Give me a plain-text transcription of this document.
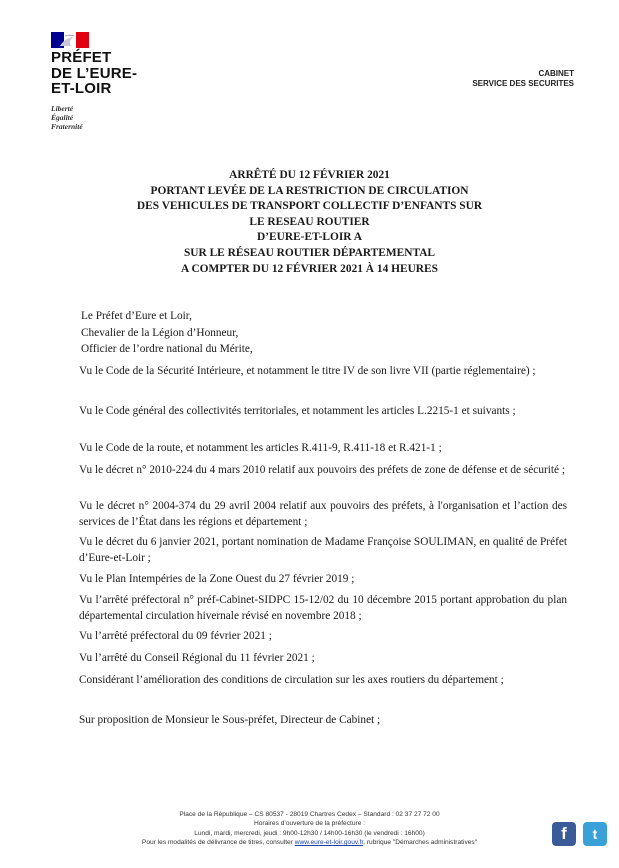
PRÉFET
DE L’EURE-
ET-LOIR
Liberté
Égalité
Fraternité
CABINET
SERVICE DES SECURITES
ARRÊTÉ DU 12 FÉVRIER 2021
PORTANT LEVÉE DE LA RESTRICTION DE CIRCULATION
DES VEHICULES DE TRANSPORT COLLECTIF D’ENFANTS SUR
LE RESEAU ROUTIER
D’EURE-ET-LOIR A
SUR LE RÉSEAU ROUTIER DÉPARTEMENTAL
A COMPTER DU 12 FÉVRIER 2021 À 14 HEURES
Le Préfet d’Eure et Loir,
Chevalier de la Légion d’Honneur,
Officier de l’ordre national du Mérite,
Vu le Code de la Sécurité Intérieure, et notamment le titre IV de son livre VII (partie réglementaire) ;
Vu le Code général des collectivités territoriales, et notamment les articles L.2215-1 et suivants ;
Vu le Code de la route, et notamment les articles R.411-9, R.411-18 et R.421-1 ;
Vu le décret n° 2010-224 du 4 mars 2010 relatif aux pouvoirs des préfets de zone de défense et de sécurité ;
Vu le décret n° 2004-374 du 29 avril 2004 relatif aux pouvoirs des préfets, à l'organisation et l’action des services de l’État dans les régions et département ;
Vu le décret du 6 janvier 2021, portant nomination de Madame Françoise SOULIMAN, en qualité de Préfet d’Eure-et-Loir ;
Vu le Plan Intempéries de la Zone Ouest du 27 février 2019 ;
Vu l’arrêté préfectoral n° préf-Cabinet-SIDPC 15-12/02 du 10 décembre 2015 portant approbation du plan départemental circulation hivernale révisé en novembre 2018 ;
Vu l’arrêté préfectoral du 09 février 2021 ;
Vu l’arrêté du Conseil Régional du 11 février 2021 ;
Considérant l’amélioration des conditions de circulation sur les axes routiers du département ;
Sur proposition de Monsieur le Sous-préfet, Directeur de Cabinet ;
Place de la République – CS 80537 - 28019 Chartres Cedex – Standard : 02 37 27 72 00
Horaires d’ouverture de la préfecture :
Lundi, mardi, mercredi, jeudi : 9h00-12h30 / 14h00-16h30 (le vendredi : 16h00)
Pour les modalités de délivrance de titres, consulter www.eure-et-loir.gouv.fr, rubrique "Démarches administratives"	f	t
